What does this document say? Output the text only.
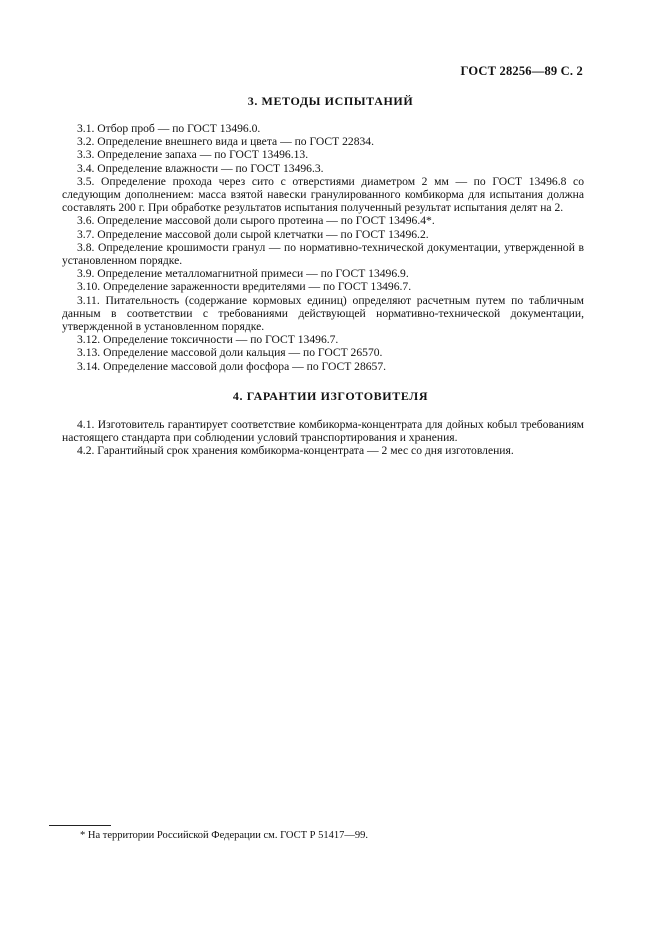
ГОСТ 28256—89 С. 2
3. МЕТОДЫ ИСПЫТАНИЙ

3.1. Отбор проб — по ГОСТ 13496.0.

3.2. Определение внешнего вида и цвета — по ГОСТ 22834.

3.3. Определение запаха — по ГОСТ 13496.13.

3.4. Определение влажности — по ГОСТ 13496.3.

3.5. Определение прохода через сито с отверстиями диаметром 2 мм — по ГОСТ 13496.8 со следующим дополнением: масса взятой навески гранулированного комбикорма для испытания должна составлять 200 г. При обработке результатов испытания полученный результат испытания делят на 2.

3.6. Определение массовой доли сырого протеина — по ГОСТ 13496.4*.

3.7. Определение массовой доли сырой клетчатки — по ГОСТ 13496.2.

3.8. Определение крошимости гранул — по нормативно-технической документации, утвержденной в установленном порядке.

3.9. Определение металломагнитной примеси — по ГОСТ 13496.9.

3.10. Определение зараженности вредителями — по ГОСТ 13496.7.

3.11. Питательность (содержание кормовых единиц) определяют расчетным путем по табличным данным в соответствии с требованиями действующей нормативно-технической документации, утвержденной в установленном порядке.

3.12. Определение токсичности — по ГОСТ 13496.7.

3.13. Определение массовой доли кальция — по ГОСТ 26570.

3.14. Определение массовой доли фосфора — по ГОСТ 28657.

4. ГАРАНТИИ ИЗГОТОВИТЕЛЯ

4.1. Изготовитель гарантирует соответствие комбикорма-концентрата для дойных кобыл требованиям настоящего стандарта при соблюдении условий транспортирования и хранения.

4.2. Гарантийный срок хранения комбикорма-концентрата — 2 мес со дня изготовления.

* На территории Российской Федерации см. ГОСТ Р 51417—99.
